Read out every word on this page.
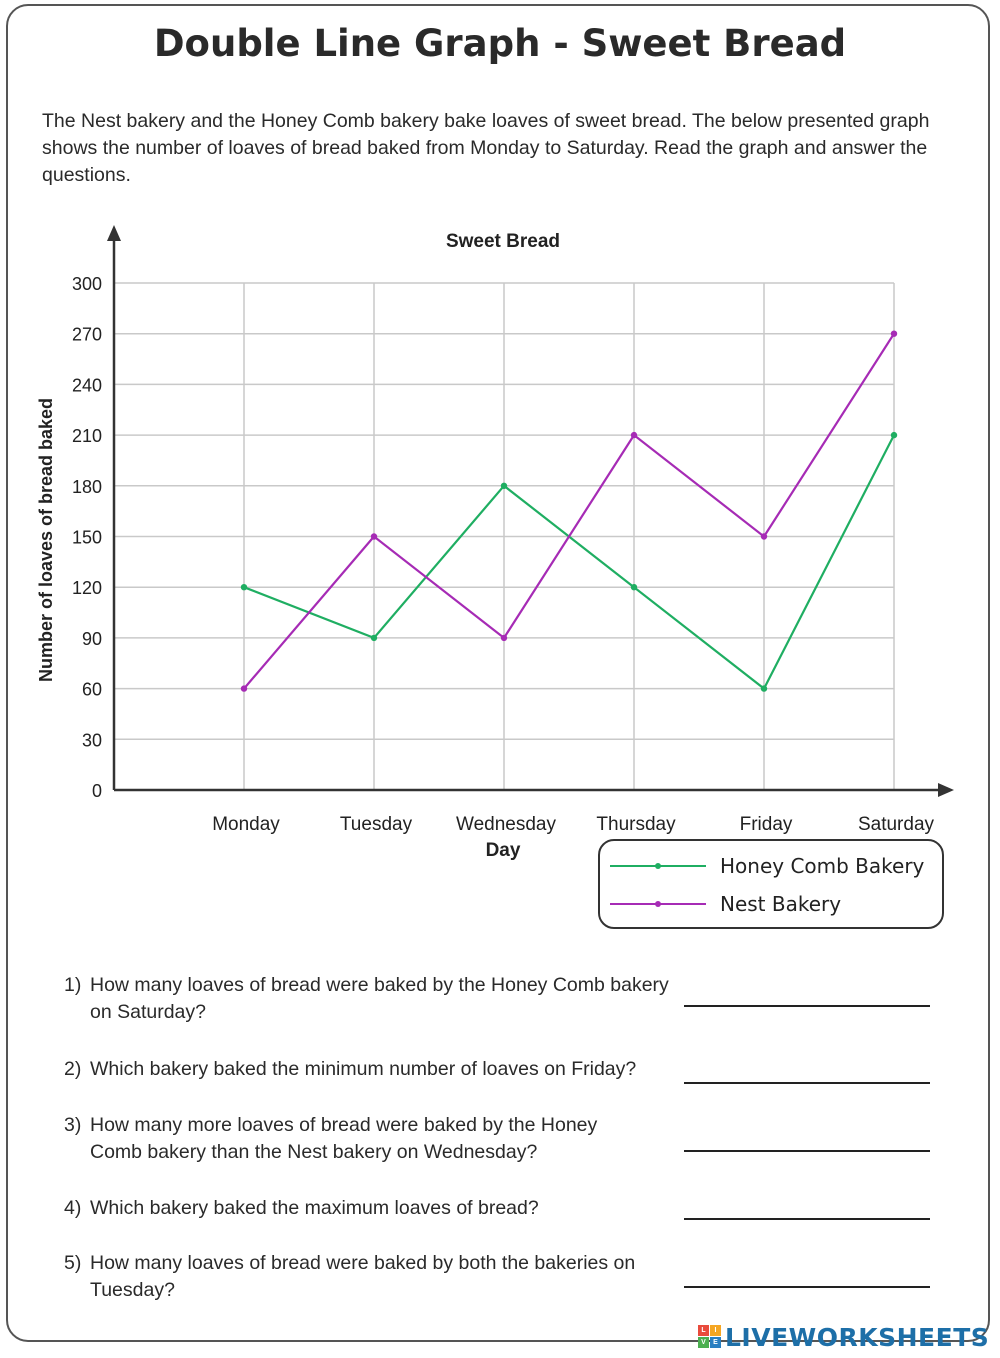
Double Line Graph - Sweet Bread
The Nest bakery and the Honey Comb bakery bake loaves of sweet bread. The below presented graph shows the number of loaves of bread baked from Monday to Saturday. Read the graph and answer the questions.
0
30
60
90
120
150
180
210
240
270
300
Monday	Tuesday Wednesday Thursday	Friday	Saturday
Sweet Bread
Day
Number of loaves of bread baked
Honey Comb Bakery
Nest Bakery
1) How many loaves of bread were baked by the Honey Comb bakery on Saturday?
2) Which bakery baked the minimum number of loaves on Friday?
3) How many more loaves of bread were baked by the Honey Comb bakery than the Nest bakery on Wednesday?
4) Which bakery baked the maximum loaves of bread?
5) How many loaves of bread were baked by both the bakeries on Tuesday?
L	I
V	E LIVEWORKSHEETS
